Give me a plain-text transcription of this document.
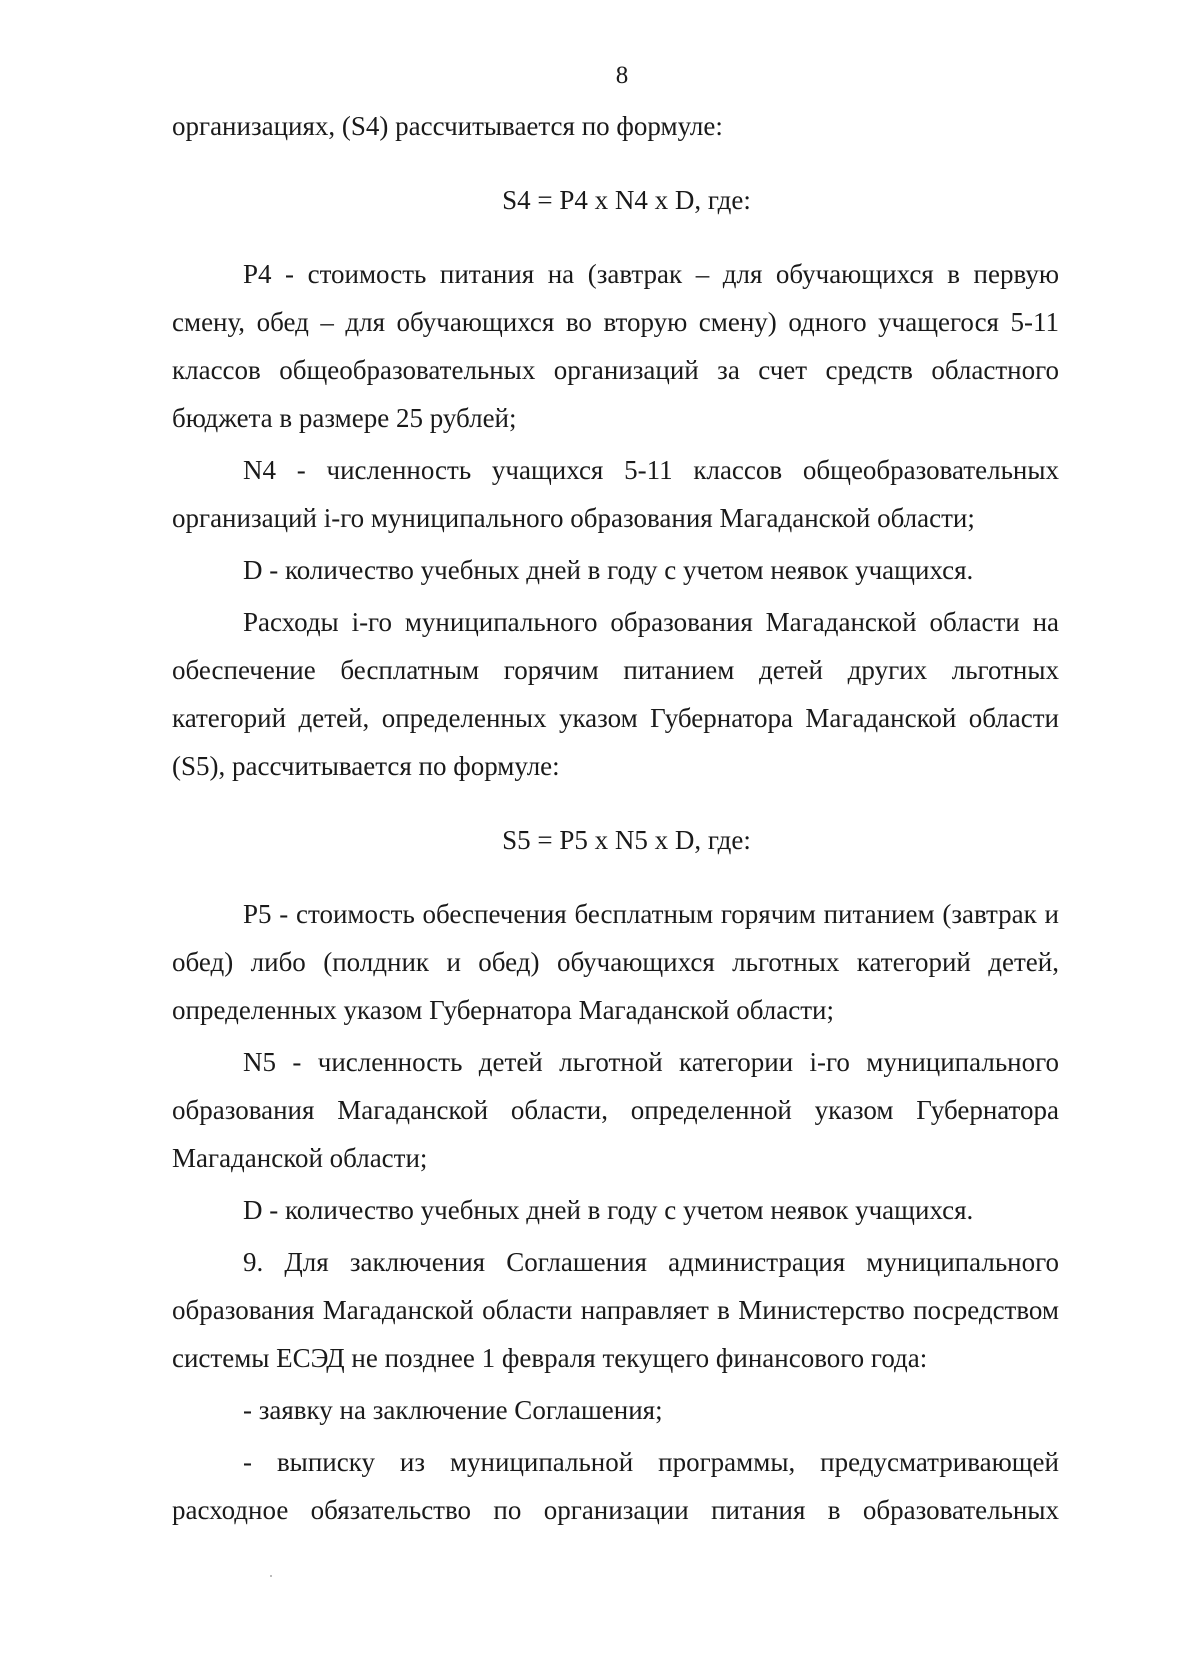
8

организациях, (S4) рассчитывается по формуле:

S4 = P4 x N4 x D, где:

P4 - стоимость питания на (завтрак – для обучающихся в первую смену, обед – для обучающихся во вторую смену) одного учащегося 5-11 классов общеобразовательных организаций за счет средств областного бюджета в размере 25 рублей;

N4 - численность учащихся 5-11 классов общеобразовательных организаций i-го муниципального образования Магаданской области;

D - количество учебных дней в году с учетом неявок учащихся.

Расходы i-го муниципального образования Магаданской области на обеспечение бесплатным горячим питанием детей других льготных категорий детей, определенных указом Губернатора Магаданской области (S5), рассчитывается по формуле:

S5 = P5 x N5 x D, где:

P5 - стоимость обеспечения бесплатным горячим питанием (завтрак и обед) либо (полдник и обед) обучающихся льготных категорий детей, определенных указом Губернатора Магаданской области;

N5 - численность детей льготной категории i-го муниципального образования Магаданской области, определенной указом Губернатора Магаданской области;

D - количество учебных дней в году с учетом неявок учащихся.

9. Для заключения Соглашения администрация муниципального образования Магаданской области направляет в Министерство посредством системы ЕСЭД не позднее 1 февраля текущего финансового года:

- заявку на заключение Соглашения;

- выписку из муниципальной программы, предусматривающей расходное обязательство по организации питания в образовательных
